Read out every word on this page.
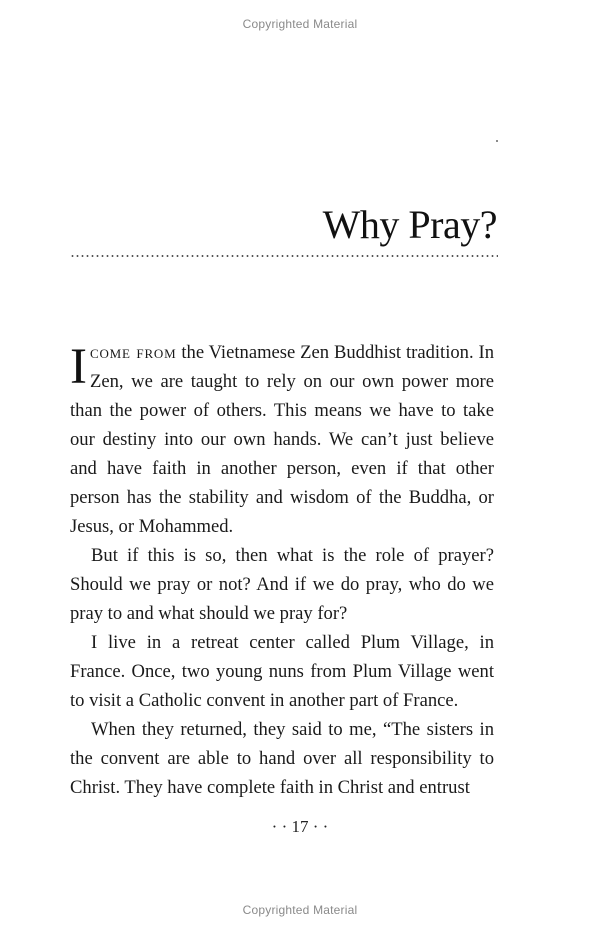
Copyrighted Material
Why Pray?

Icome from the Vietnamese Zen Buddhist tradition. In Zen, we are taught to rely on our own power more than the power of others. This means we have to take our destiny into our own hands. We can’t just believe and have faith in another person, even if that other person has the stability and wisdom of the Buddha, or Jesus, or Mohammed.

But if this is so, then what is the role of prayer? Should we pray or not? And if we do pray, who do we pray to and what should we pray for?

I live in a retreat center called Plum Village, in France. Once, two young nuns from Plum Village went to visit a Catholic convent in another part of France.

When they returned, they said to me, “The sisters in the convent are able to hand over all responsibility to Christ. They have complete faith in Christ and entrust

· · 17 · ·
Copyrighted Material
